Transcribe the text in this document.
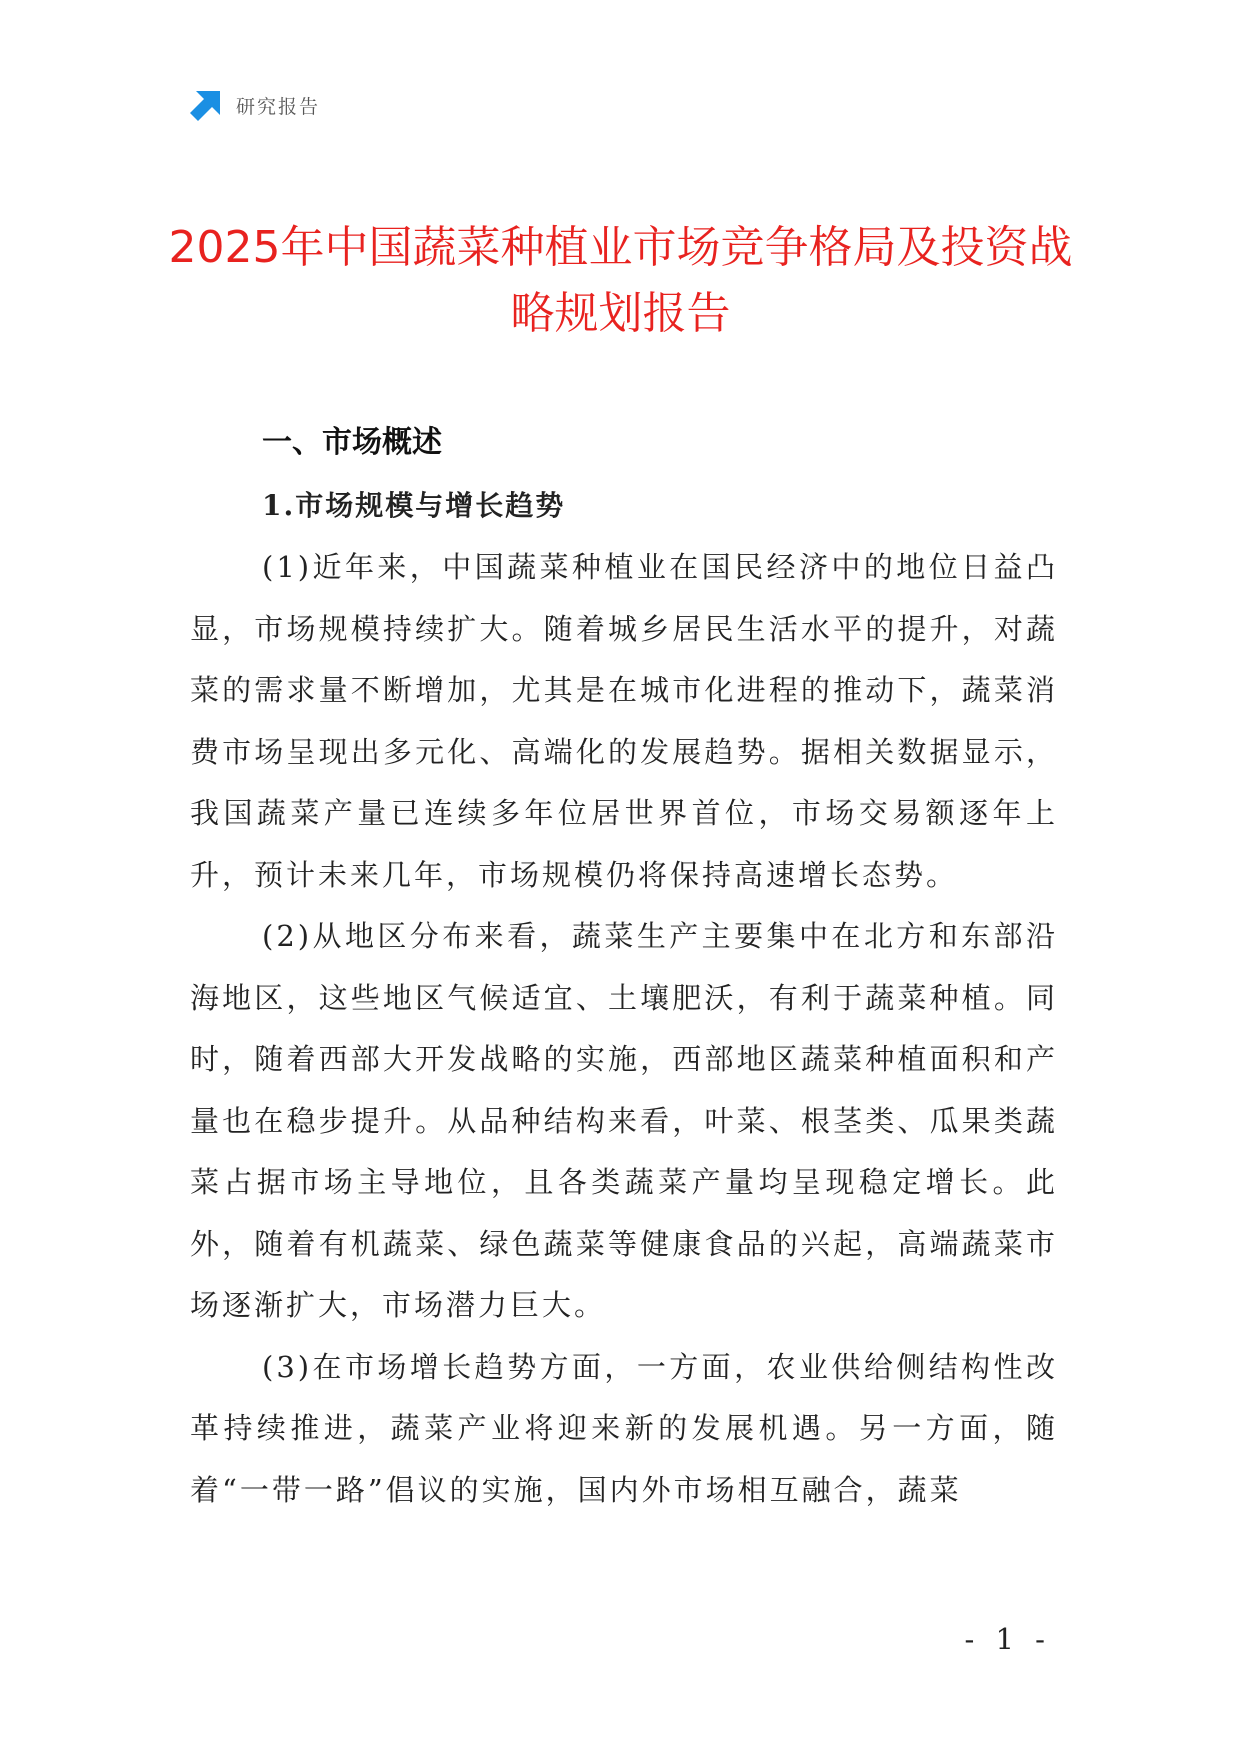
研究报告
2025年中国蔬菜种植业市场竞争格局及投资战略规划报告
一、市场概述
1.市场规模与增长趋势

(1)近年来，中国蔬菜种植业在国民经济中的地位日益凸显，市场规模持续扩大。随着城乡居民生活水平的提升，对蔬菜的需求量不断增加，尤其是在城市化进程的推动下，蔬菜消费市场呈现出多元化、高端化的发展趋势。据相关数据显示，我国蔬菜产量已连续多年位居世界首位，市场交易额逐年上升，预计未来几年，市场规模仍将保持高速增长态势。

(2)从地区分布来看，蔬菜生产主要集中在北方和东部沿海地区，这些地区气候适宜、土壤肥沃，有利于蔬菜种植。同时，随着西部大开发战略的实施，西部地区蔬菜种植面积和产量也在稳步提升。从品种结构来看，叶菜、根茎类、瓜果类蔬菜占据市场主导地位，且各类蔬菜产量均呈现稳定增长。此外，随着有机蔬菜、绿色蔬菜等健康食品的兴起，高端蔬菜市场逐渐扩大，市场潜力巨大。

(3)在市场增长趋势方面，一方面，农业供给侧结构性改革持续推进，蔬菜产业将迎来新的发展机遇。另一方面，随着“一带一路”倡议的实施，国内外市场相互融合，蔬菜

- 1 -
